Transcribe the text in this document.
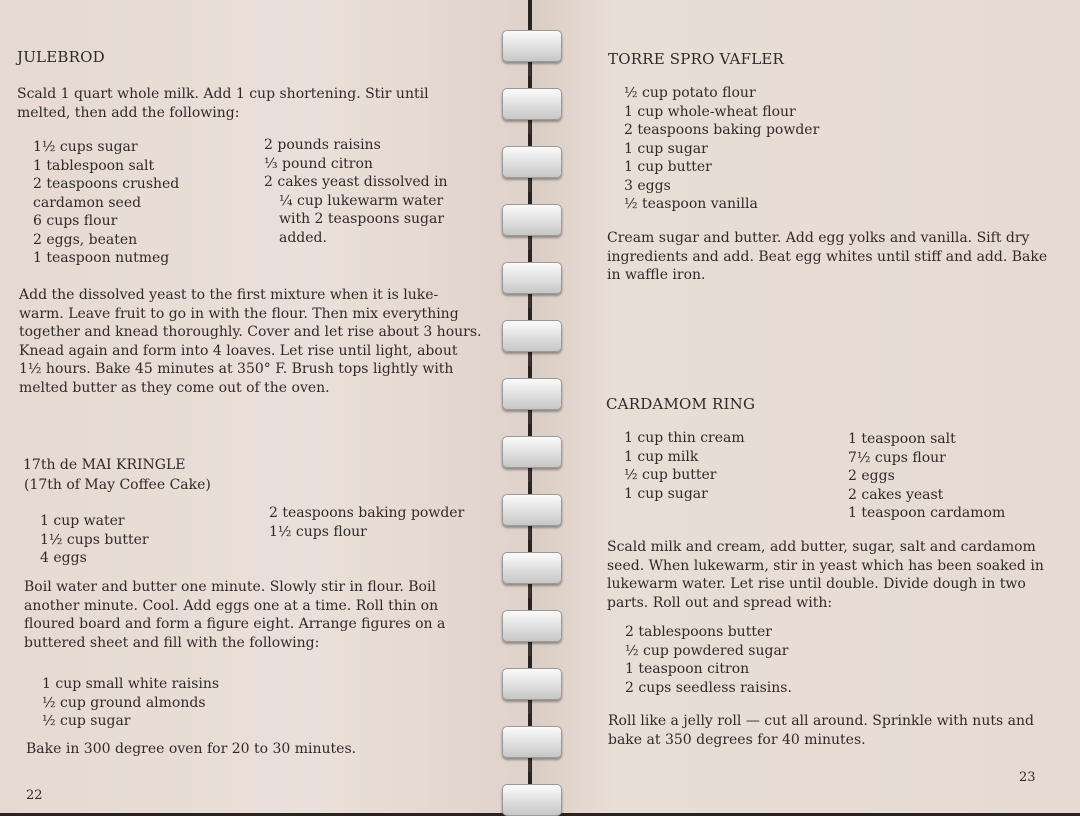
JULEBROD

Scald 1 quart whole milk. Add 1 cup shortening. Stir until

melted, then add the following:

1½ cups sugar
1 tablespoon salt
2 teaspoons crushed
cardamon seed
6 cups flour
2 eggs, beaten
1 teaspoon nutmeg
2 pounds raisins
⅓ pound citron
2 cakes yeast dissolved in
¼ cup lukewarm water
with 2 teaspoons sugar
added.

Add the dissolved yeast to the first mixture when it is luke-

warm. Leave fruit to go in with the flour. Then mix everything

together and knead thoroughly. Cover and let rise about 3 hours.

Knead again and form into 4 loaves. Let rise until light, about

1½ hours. Bake 45 minutes at 350° F. Brush tops lightly with

melted butter as they come out of the oven.

17th de MAI KRINGLE
(17th of May Coffee Cake)
1 cup water
1½ cups butter
4 eggs
2 teaspoons baking powder
1½ cups flour

Boil water and butter one minute. Slowly stir in flour. Boil

another minute. Cool. Add eggs one at a time. Roll thin on

floured board and form a figure eight. Arrange figures on a

buttered sheet and fill with the following:

1 cup small white raisins
½ cup ground almonds
½ cup sugar
Bake in 300 degree oven for 20 to 30 minutes.
22
TORRE SPRO VAFLER
½ cup potato flour
1 cup whole-wheat flour
2 teaspoons baking powder
1 cup sugar
1 cup butter
3 eggs
½ teaspoon vanilla

Cream sugar and butter. Add egg yolks and vanilla. Sift dry

ingredients and add. Beat egg whites until stiff and add. Bake

in waffle iron.

CARDAMOM RING
1 cup thin cream
1 cup milk
½ cup butter
1 cup sugar
1 teaspoon salt
7½ cups flour
2 eggs
2 cakes yeast
1 teaspoon cardamom

Scald milk and cream, add butter, sugar, salt and cardamom

seed. When lukewarm, stir in yeast which has been soaked in

lukewarm water. Let rise until double. Divide dough in two

parts. Roll out and spread with:

2 tablespoons butter
½ cup powdered sugar
1 teaspoon citron
2 cups seedless raisins.

Roll like a jelly roll — cut all around. Sprinkle with nuts and

bake at 350 degrees for 40 minutes.

23
